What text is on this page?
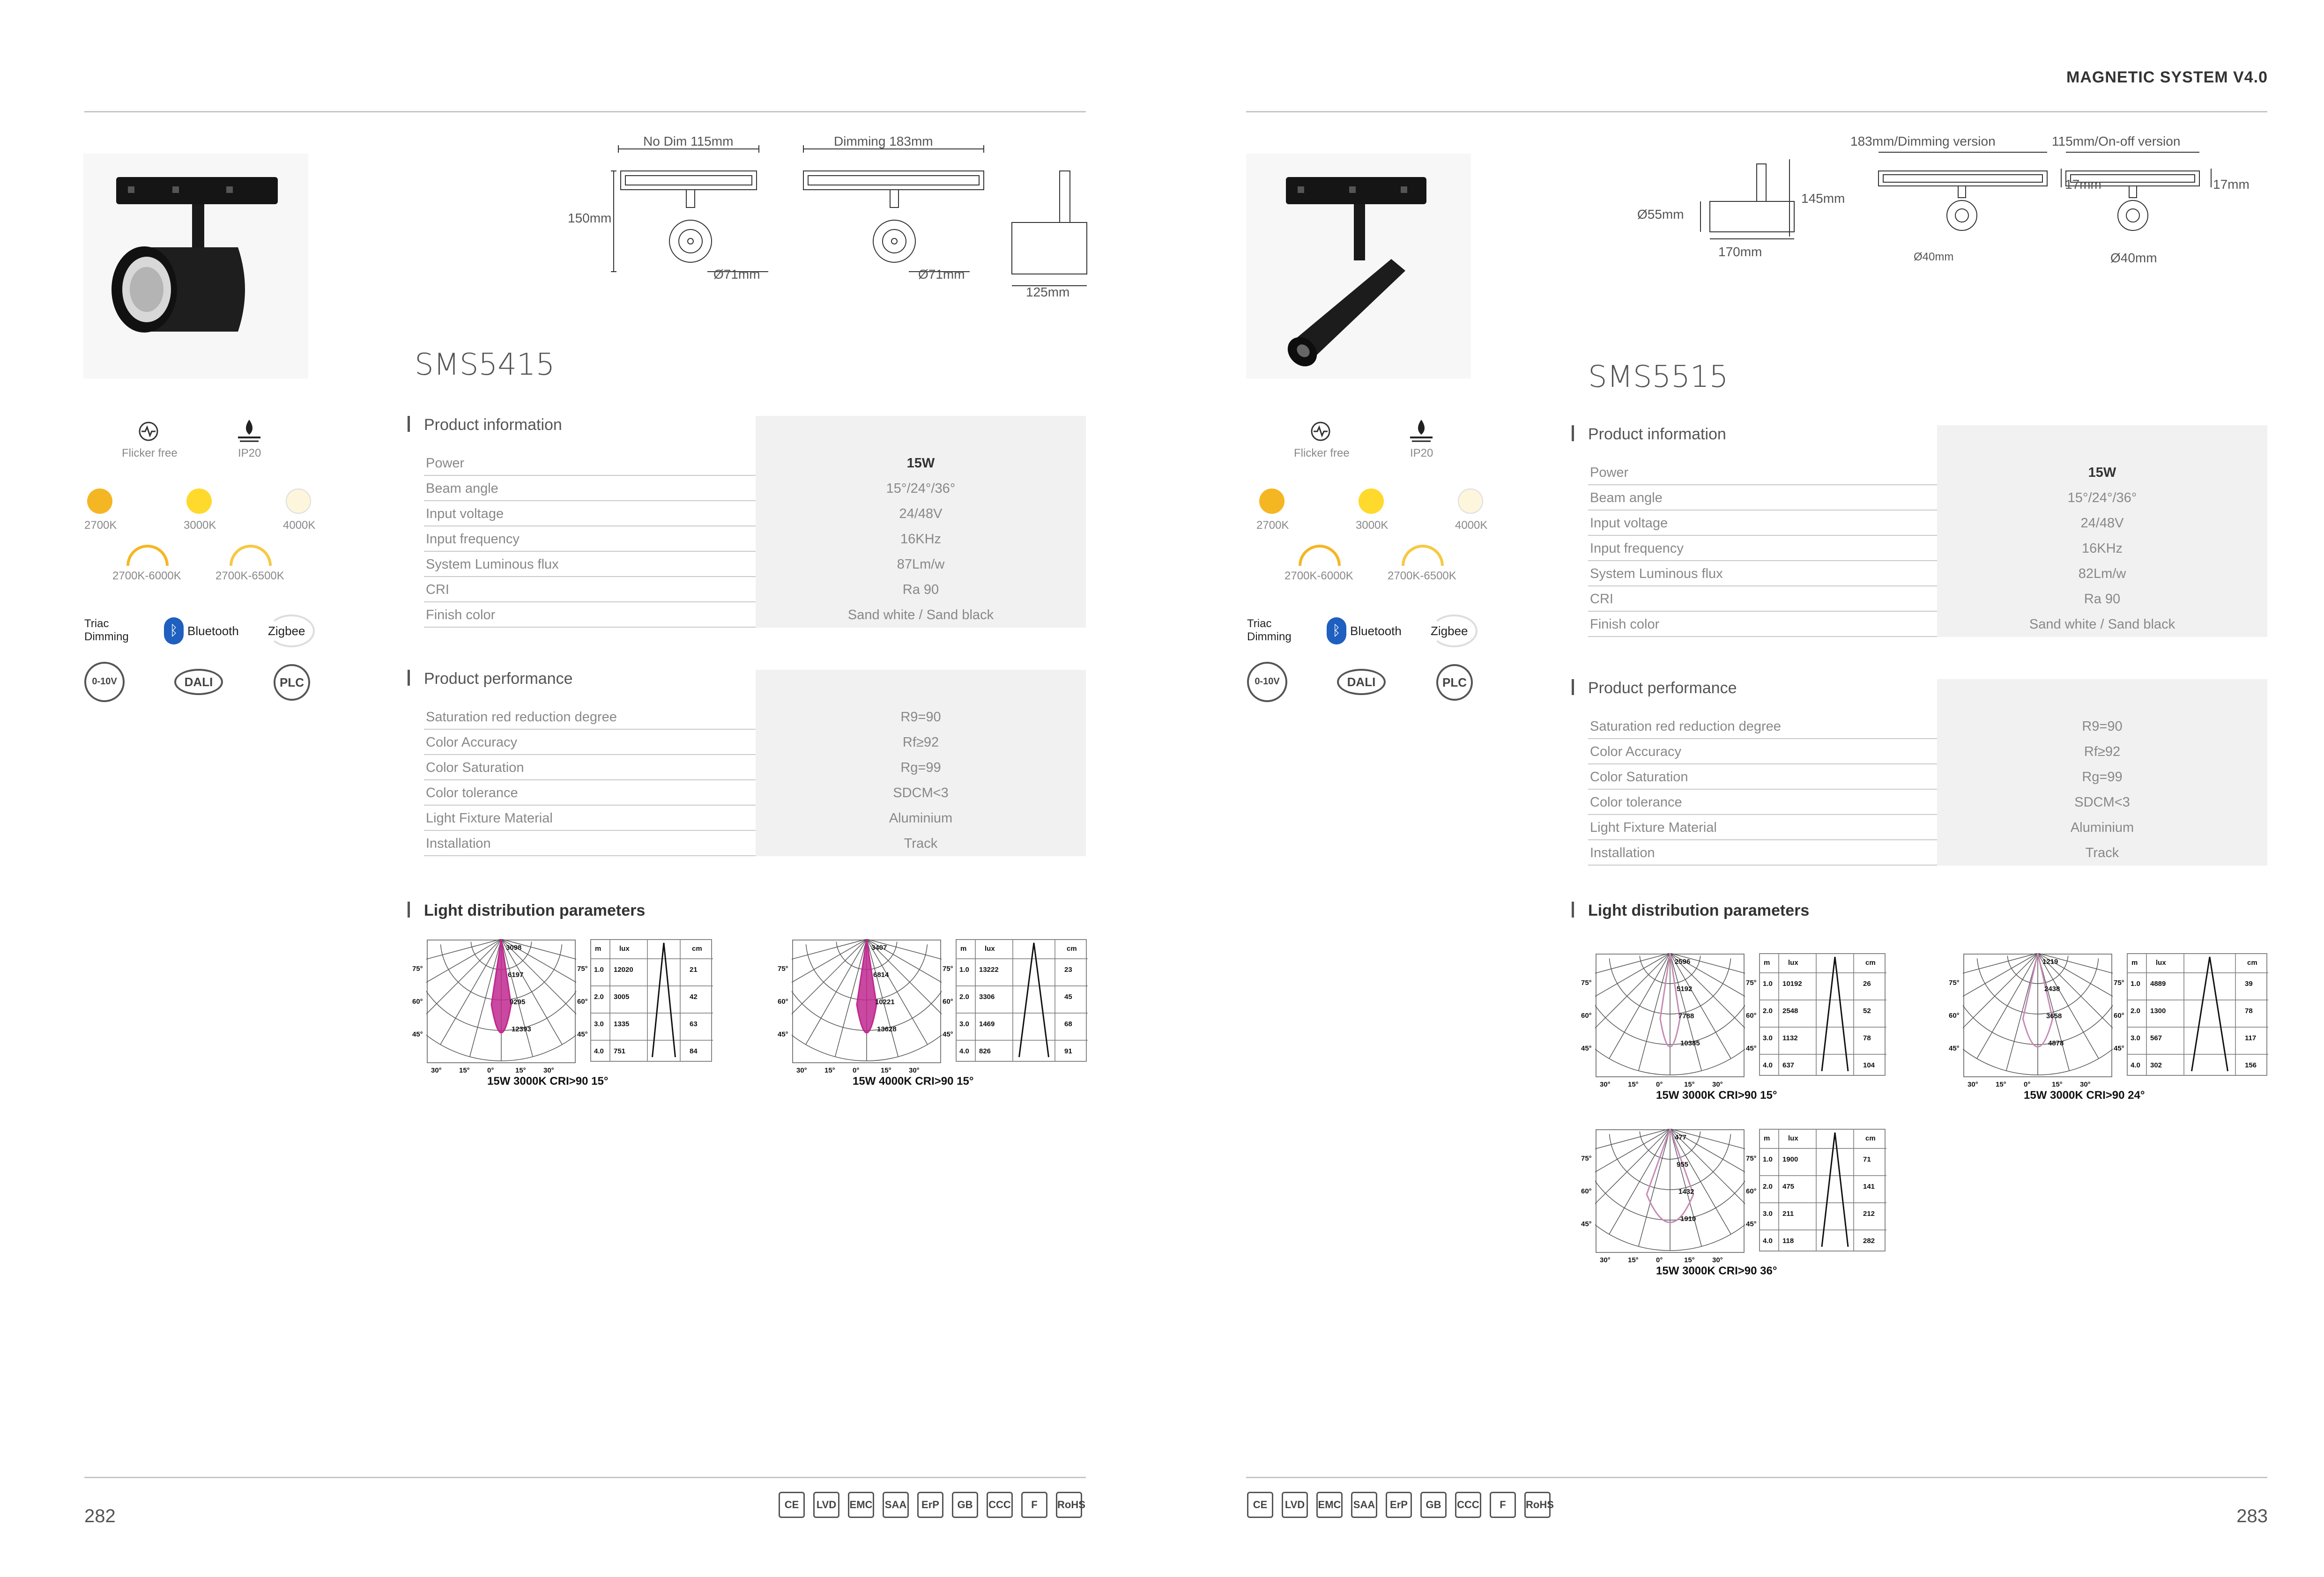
MAGNETIC SYSTEM V4.0
No Dim 115mm	Dimming 183mm
150mm
Ø71mm	Ø71mm
125mm
SMS5415
Flicker free	IP20
2700K	3000K	4000K
2700K-6000K	2700K-6500K
Triac
Dimming	ᛒ Bluetooth Zigbee
0-10V	DALI	PLC
Product information
Power	15W
Beam angle	15°/24°/36°
Input voltage	24/48V
Input frequency	16KHz
System Luminous flux	87Lm/w
CRI	Ra 90
Finish color	Sand white / Sand black
Product performance
Saturation red reduction degree	R9=90
Color Accuracy	Rf≥92
Color Saturation	Rg=99
Color tolerance	SDCM<3
Light Fixture Material	Aluminium
Installation	Track
Light distribution parameters
3098
6197
9295
12393
75°
60°
45°
75°
60°
45°
30° 15° 0°	15° 30°
m	lux	cm
1.0 12020	21
2.0 3005	42
3.0 1335	63
4.0 751	84
15W 3000K CRI>90 15°
3407
6814
10221
13628
75°
60°
45°
75°
60°
45°
30° 15° 0°	15° 30°
m	lux	cm
1.0 13222	23
2.0 3306	45
3.0 1469	68
4.0 826	91
15W 4000K CRI>90 15°
282
CE	LVD	EMC SAA	ErP	GB	CCC	F	RoHS
183mm/Dimming version	115mm/On-off version
Ø55mm
145mm
170mm
17mm	17mm
Ø40mm	Ø40mm
SMS5515
Flicker free	IP20
2700K	3000K	4000K
2700K-6000K	2700K-6500K
Triac
Dimming	ᛒ Bluetooth Zigbee
0-10V	DALI	PLC
Product information
Power	15W
Beam angle	15°/24°/36°
Input voltage	24/48V
Input frequency	16KHz
System Luminous flux	82Lm/w
CRI	Ra 90
Finish color	Sand white / Sand black
Product performance
Saturation red reduction degree	R9=90
Color Accuracy	Rf≥92
Color Saturation	Rg=99
Color tolerance	SDCM<3
Light Fixture Material	Aluminium
Installation	Track
Light distribution parameters
2596
5192
7788
10385
75°
60°
45°
75°
60°
45°
30° 15° 0°	15° 30°
m	lux	cm
1.0 10192	26
2.0 2548	52
3.0 1132	78
4.0 637	104
15W 3000K CRI>90 15°
1219
2438
3658
4878
75°
60°
45°
75°
60°
45°
30° 15° 0°	15° 30°
m	lux	cm
1.0 4889	39
2.0 1300	78
3.0 567	117
4.0 302	156
15W 3000K CRI>90 24°
477
955
1432
1910
75°
60°
45°
75°
60°
45°
30° 15° 0°	15° 30°
m	lux	cm
1.0 1900	71
2.0 475	141
3.0 211	212
4.0 118	282
15W 3000K CRI>90 36°
283
CE	LVD	EMC SAA	ErP	GB	CCC	F	RoHS
